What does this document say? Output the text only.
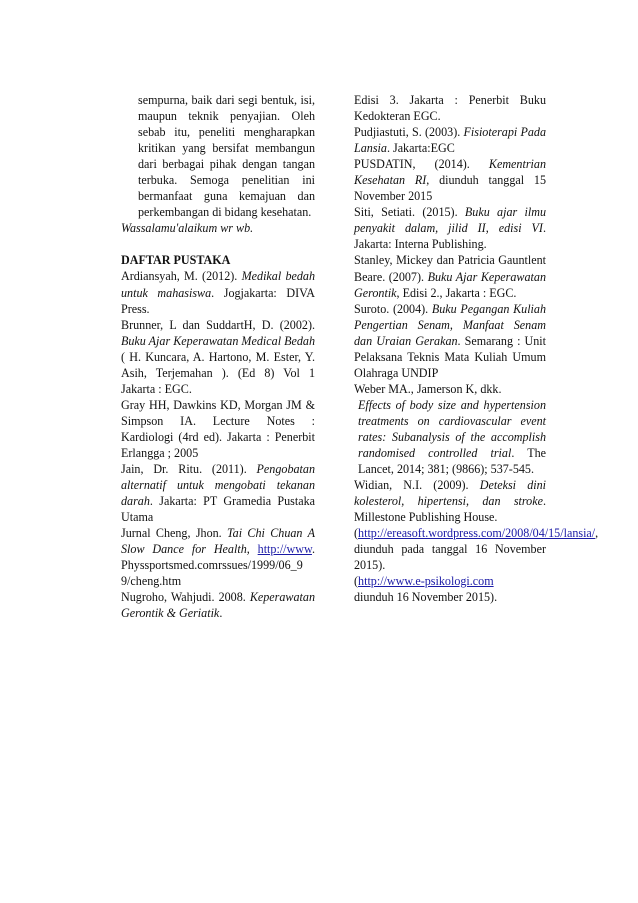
sempurna, baik dari segi bentuk, isi, maupun teknik penyajian. Oleh sebab itu, peneliti mengharapkan kritikan yang bersifat membangun dari berbagai pihak dengan tangan terbuka. Semoga penelitian ini bermanfaat guna kemajuan dan perkembangan di bidang kesehatan.

Wassalamu'alaikum wr wb.

DAFTAR PUSTAKA

Ardiansyah, M. (2012). Medikal bedah untuk mahasiswa. Jogjakarta: DIVA Press.

Brunner, L dan SuddartH, D. (2002). Buku Ajar Keperawatan Medical Bedah ( H. Kuncara, A. Hartono, M. Ester, Y. Asih, Terjemahan ). (Ed 8) Vol 1 Jakarta : EGC.

Gray HH, Dawkins KD, Morgan JM & Simpson IA. Lecture Notes : Kardiologi (4rd ed). Jakarta : Penerbit Erlangga ; 2005

Jain, Dr. Ritu. (2011). Pengobatan alternatif untuk mengobati tekanan darah. Jakarta: PT Gramedia Pustaka Utama

Jurnal Cheng, Jhon. Tai Chi Chuan A Slow Dance for Health, http://www. Physsportsmed.comrssues/1999/06_9 9/cheng.htm

Nugroho, Wahjudi. 2008. Keperawatan Gerontik & Geriatik.

Edisi 3. Jakarta : Penerbit Buku Kedokteran EGC.

Pudjiastuti, S. (2003). Fisioterapi Pada Lansia. Jakarta:EGC

PUSDATIN, (2014). Kementrian Kesehatan RI, diunduh tanggal 15 November 2015

Siti, Setiati. (2015). Buku ajar ilmu penyakit dalam, jilid II, edisi VI. Jakarta: Interna Publishing.

Stanley, Mickey dan Patricia Gauntlent Beare. (2007). Buku Ajar Keperawatan Gerontik, Edisi 2., Jakarta : EGC.

Suroto. (2004). Buku Pegangan Kuliah Pengertian Senam, Manfaat Senam dan Uraian Gerakan. Semarang : Unit Pelaksana Teknis Mata Kuliah Umum Olahraga UNDIP

Weber MA., Jamerson K, dkk.

Effects of body size and hypertension treatments on cardiovascular event rates: Subanalysis of the accomplish randomised controlled trial. The Lancet, 2014; 381; (9866); 537-545.

Widian, N.I. (2009). Deteksi dini kolesterol, hipertensi, dan stroke. Millestone Publishing House.

(http://ereasoft.wordpress.com/2008/04/15/lansia/, diunduh pada tanggal 16 November 2015).

(http://www.e-psikologi.com
diunduh 16 November 2015).
